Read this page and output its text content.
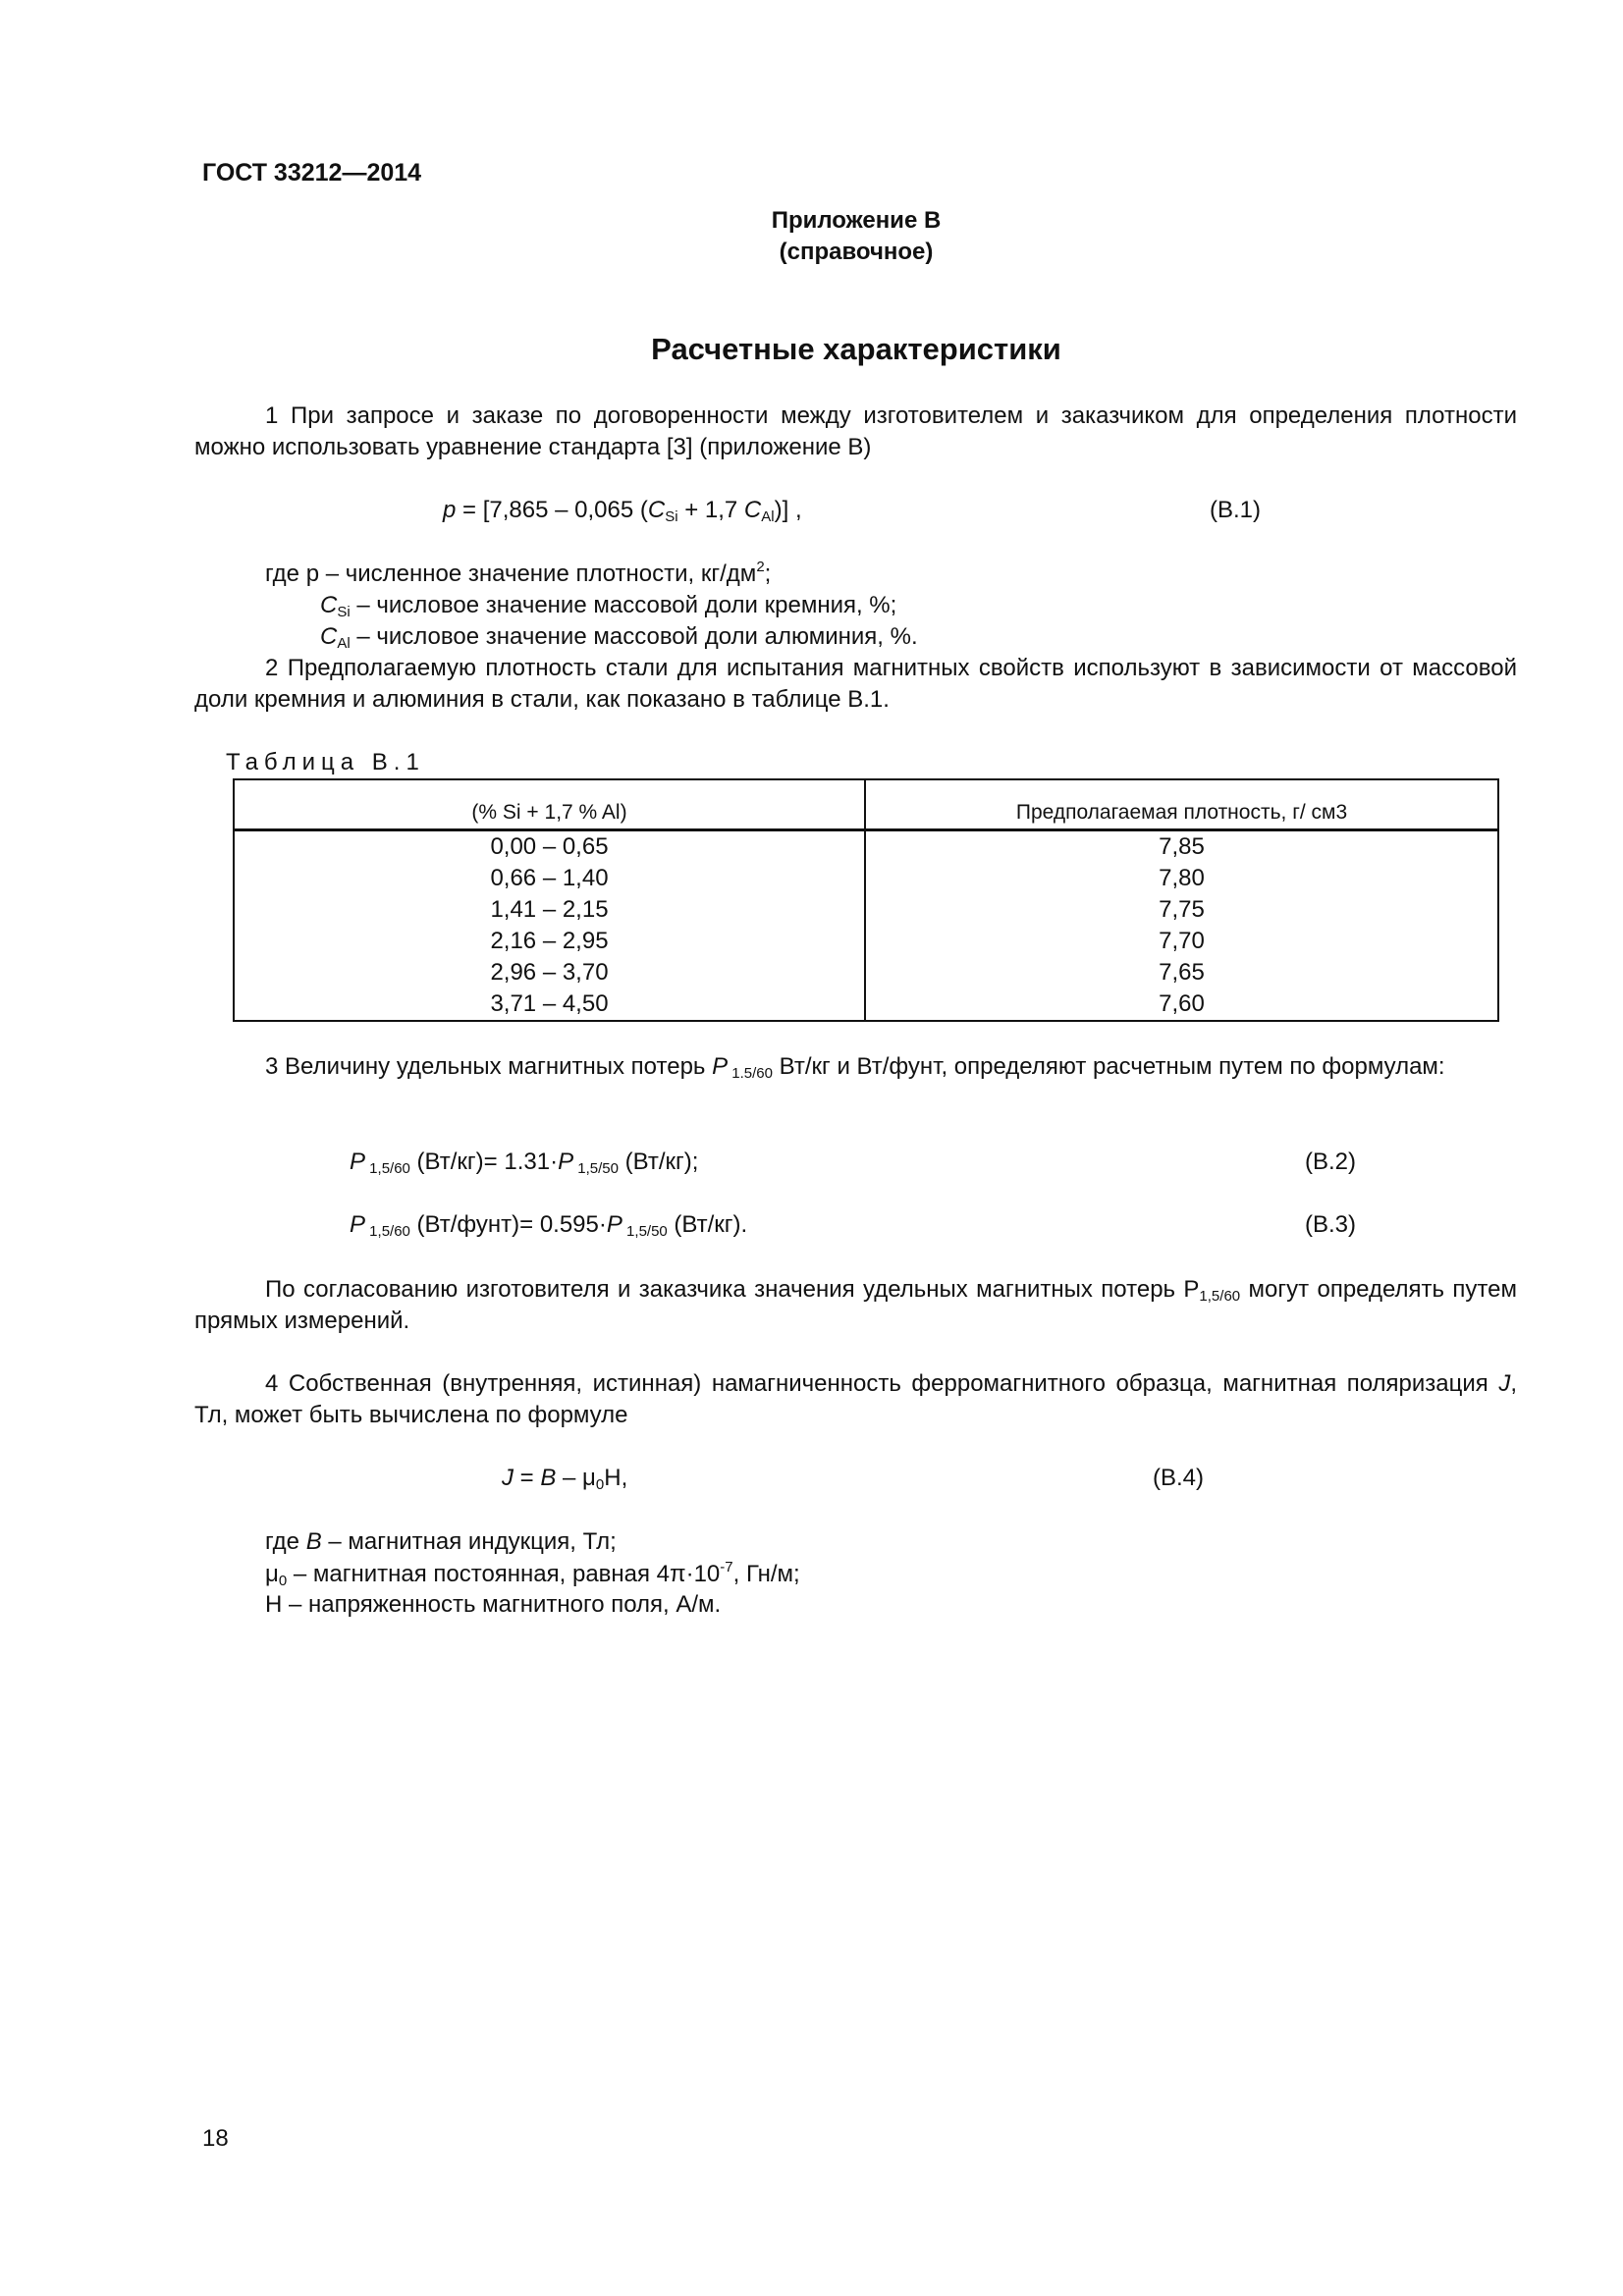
ГОСТ 33212—2014
Приложение В
(справочное)
Расчетные характеристики
1 При запросе и заказе по договоренности между изготовителем и заказчиком для определения плотности можно использовать уравнение стандарта [3] (приложение В)
p = [7,865 – 0,065 ($C_{Si} + 1,7$ $C_{Al}$)] ,	(В.1)
где р – численное значение плотности, $кг/дм^2$;
$C_{Si}$ – числовое значение массовой доли кремния, %;
$C_{Al}$ – числовое значение массовой доли алюминия, %.
2 Предполагаемую плотность стали для испытания магнитных свойств используют в зависимости от массовой доли кремния и алюминия в стали, как показано в таблице В.1.
Таблица В.1
(% Si + 1,7 % Al)	Предполагаемая плотность, г/ см3
0,00 – 0,65	7,85
0,66 – 1,40	7,80
1,41 – 2,15	7,75
2,16 – 2,95	7,70
2,96 – 3,70	7,65
3,71 – 4,50	7,60
3 Величину удельных магнитных потерь P $_{1.5/60}$ Вт/кг и Вт/фунт, определяют расчетным путем по формулам:
P $_{1,5/60}$ (Вт/кг)= 1.31·P $_{1,5/50}$ (Вт/кг);	(В.2)
P $_{1,5/60}$ (Вт/фунт)= 0.595·P $_{1,5/50}$ (Вт/кг).	(В.3)
По согласованию изготовителя и заказчика значения удельных магнитных потерь $Р_{1,5/60}$ могут определять путем прямых измерений.
4 Собственная (внутренняя, истинная) намагниченность ферромагнитного образца, магнитная поляризация J, Тл, может быть вычислена по формуле
$J = B - \mu_0H$,	(В.4)
где B – магнитная индукция, Тл;
$\mu_0$ – магнитная постоянная, равная $4\pi\cdot 10^{-7}$, Гн/м;
Н – напряженность магнитного поля, А/м.
18
